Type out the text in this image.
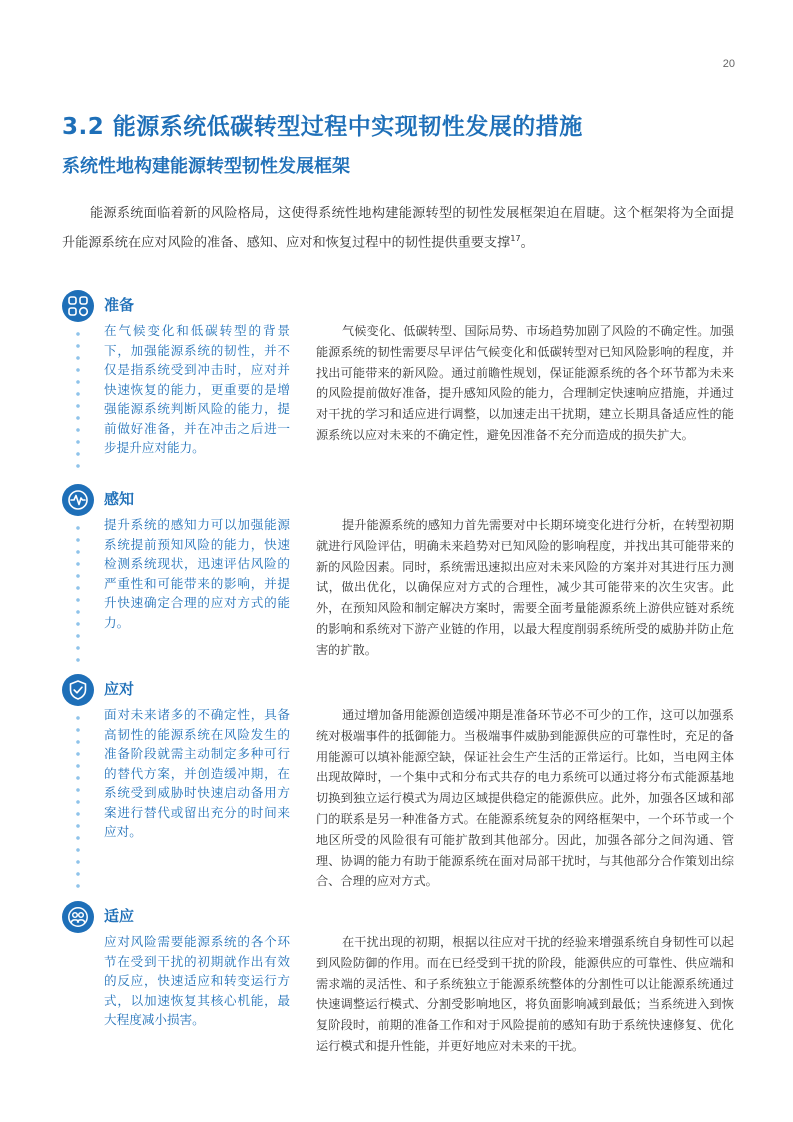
20
3.2 能源系统低碳转型过程中实现韧性发展的措施
系统性地构建能源转型韧性发展框架

能源系统面临着新的风险格局，这使得系统性地构建能源转型的韧性发展框架迫在眉睫。这个框架将为全面提升能源系统在应对风险的准备、感知、应对和恢复过程中的韧性提供重要支撑$^{17}$。

准备
在气候变化和低碳转型的背景下，加强能源系统的韧性，并不仅是指系统受到冲击时，应对并快速恢复的能力，更重要的是增强能源系统判断风险的能力，提前做好准备，并在冲击之后进一步提升应对能力。
气候变化、低碳转型、国际局势、市场趋势加剧了风险的不确定性。加强能源系统的韧性需要尽早评估气候变化和低碳转型对已知风险影响的程度，并找出可能带来的新风险。通过前瞻性规划，保证能源系统的各个环节都为未来的风险提前做好准备，提升感知风险的能力，合理制定快速响应措施，并通过对干扰的学习和适应进行调整，以加速走出干扰期，建立长期具备适应性的能源系统以应对未来的不确定性，避免因准备不充分而造成的损失扩大。
感知
提升系统的感知力可以加强能源系统提前预知风险的能力，快速检测系统现状，迅速评估风险的严重性和可能带来的影响，并提升快速确定合理的应对方式的能力。
提升能源系统的感知力首先需要对中长期环境变化进行分析，在转型初期就进行风险评估，明确未来趋势对已知风险的影响程度，并找出其可能带来的新的风险因素。同时，系统需迅速拟出应对未来风险的方案并对其进行压力测试，做出优化，以确保应对方式的合理性，减少其可能带来的次生灾害。此外，在预知风险和制定解决方案时，需要全面考量能源系统上游供应链对系统的影响和系统对下游产业链的作用，以最大程度削弱系统所受的威胁并防止危害的扩散。
应对
面对未来诸多的不确定性，具备高韧性的能源系统在风险发生的准备阶段就需主动制定多种可行的替代方案，并创造缓冲期，在系统受到威胁时快速启动备用方案进行替代或留出充分的时间来应对。
通过增加备用能源创造缓冲期是准备环节必不可少的工作，这可以加强系统对极端事件的抵御能力。当极端事件威胁到能源供应的可靠性时，充足的备用能源可以填补能源空缺，保证社会生产生活的正常运行。比如，当电网主体出现故障时，一个集中式和分布式共存的电力系统可以通过将分布式能源基地切换到独立运行模式为周边区域提供稳定的能源供应。此外，加强各区域和部门的联系是另一种准备方式。在能源系统复杂的网络框架中，一个环节或一个地区所受的风险很有可能扩散到其他部分。因此，加强各部分之间沟通、管理、协调的能力有助于能源系统在面对局部干扰时，与其他部分合作策划出综合、合理的应对方式。
适应
应对风险需要能源系统的各个环节在受到干扰的初期就作出有效的反应，快速适应和转变运行方式，以加速恢复其核心机能，最大程度减小损害。
在干扰出现的初期，根据以往应对干扰的经验来增强系统自身韧性可以起到风险防御的作用。而在已经受到干扰的阶段，能源供应的可靠性、供应端和需求端的灵活性、和子系统独立于能源系统整体的分割性可以让能源系统通过快速调整运行模式、分割受影响地区，将负面影响减到最低；当系统进入到恢复阶段时，前期的准备工作和对于风险提前的感知有助于系统快速修复、优化运行模式和提升性能，并更好地应对未来的干扰。
